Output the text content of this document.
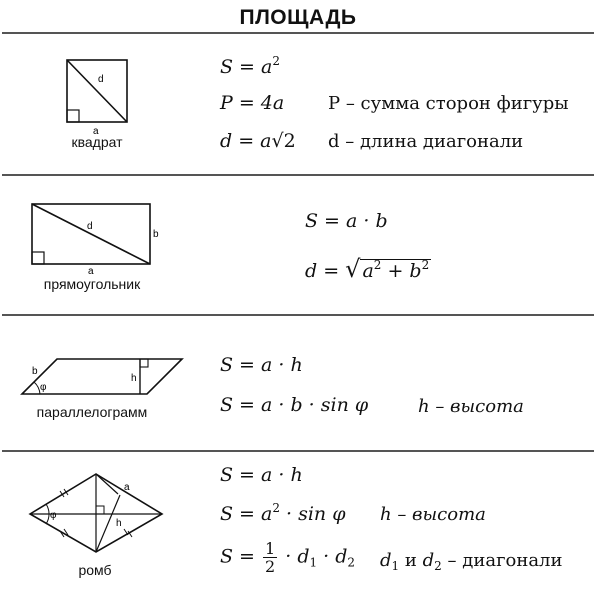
ПЛОЩАДЬ
d
a
квадрат
$S = a^2$
P = 4a P – сумма сторон фигуры
d = a√2 d – длина диагонали
d
b
a
прямоугольник
S = a · b
d = √ $a^2 + b^2$
b
φ
h
параллелограмм
S = a · h
S = a · b · sin φ	h – высота
φ
a
h
ромб
S = a · h
$S = a^2 \cdot \sin \varphi$ h – высота
$S = \frac{1}{2} \cdot d_1 \cdot d_2$ $d_1$ и $d_2$ – диагонали
